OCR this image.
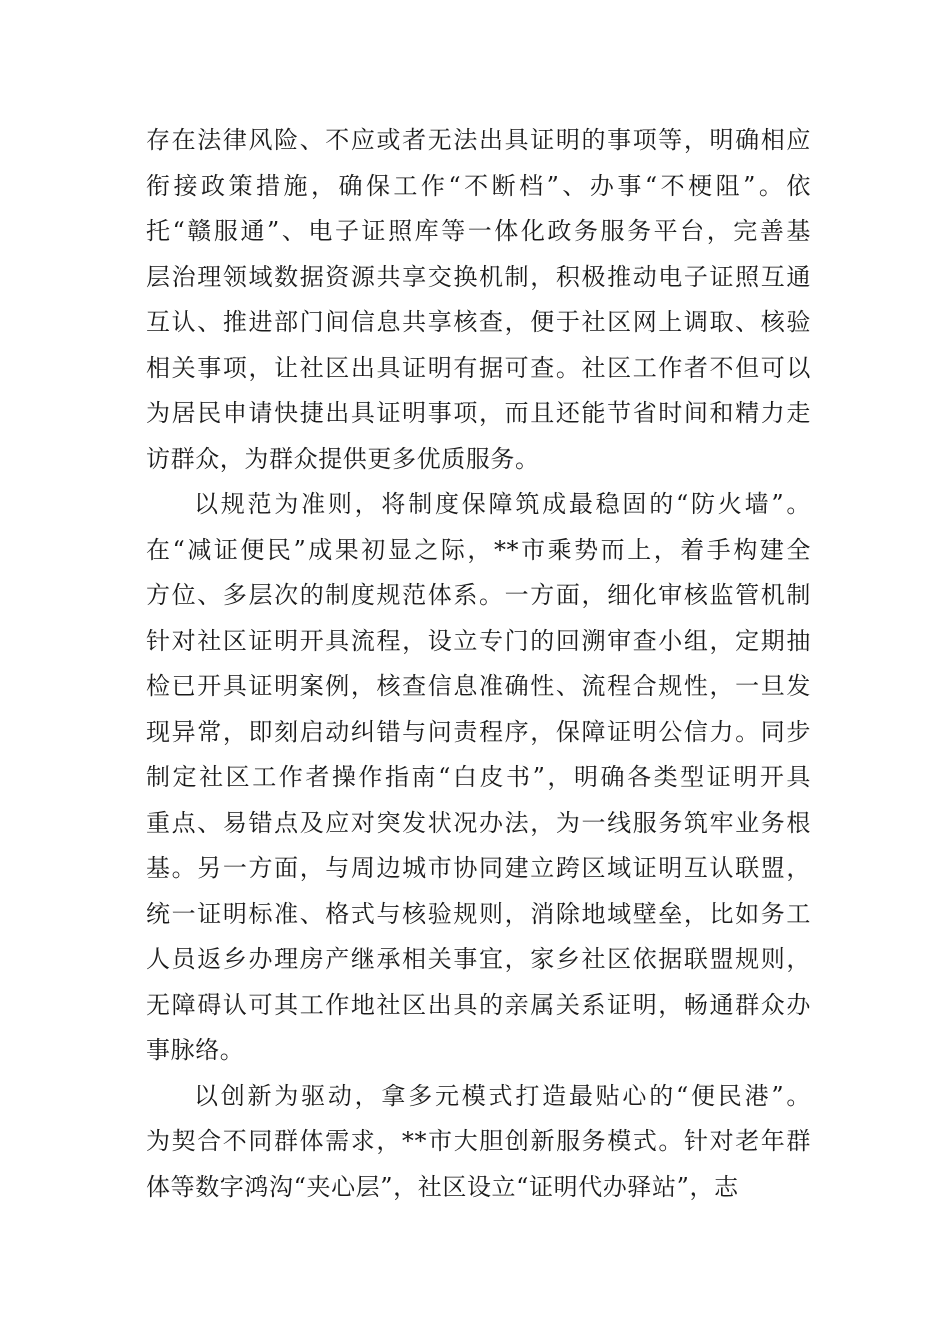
存在法律风险、不应或者无法出具证明的事项等，明确相应
衔接政策措施，确保工作“不断档”、办事“不梗阻”。依
托“赣服通”、电子证照库等一体化政务服务平台，完善基
层治理领域数据资源共享交换机制，积极推动电子证照互通
互认、推进部门间信息共享核查，便于社区网上调取、核验
相关事项，让社区出具证明有据可查。社区工作者不但可以
为居民申请快捷出具证明事项，而且还能节省时间和精力走
访群众，为群众提供更多优质服务。
以规范为准则，将制度保障筑成最稳固的“防火墙”。
在“减证便民”成果初显之际，**市乘势而上，着手构建全
方位、多层次的制度规范体系。一方面，细化审核监管机制
针对社区证明开具流程，设立专门的回溯审查小组，定期抽
检已开具证明案例，核查信息准确性、流程合规性，一旦发
现异常，即刻启动纠错与问责程序，保障证明公信力。同步
制定社区工作者操作指南“白皮书”，明确各类型证明开具
重点、易错点及应对突发状况办法，为一线服务筑牢业务根
基。另一方面，与周边城市协同建立跨区域证明互认联盟，
统一证明标准、格式与核验规则，消除地域壁垒，比如务工
人员返乡办理房产继承相关事宜，家乡社区依据联盟规则，
无障碍认可其工作地社区出具的亲属关系证明，畅通群众办
事脉络。
以创新为驱动，拿多元模式打造最贴心的“便民港”。
为契合不同群体需求，**市大胆创新服务模式。针对老年群
体等数字鸿沟“夹心层”，社区设立“证明代办驿站”，志
